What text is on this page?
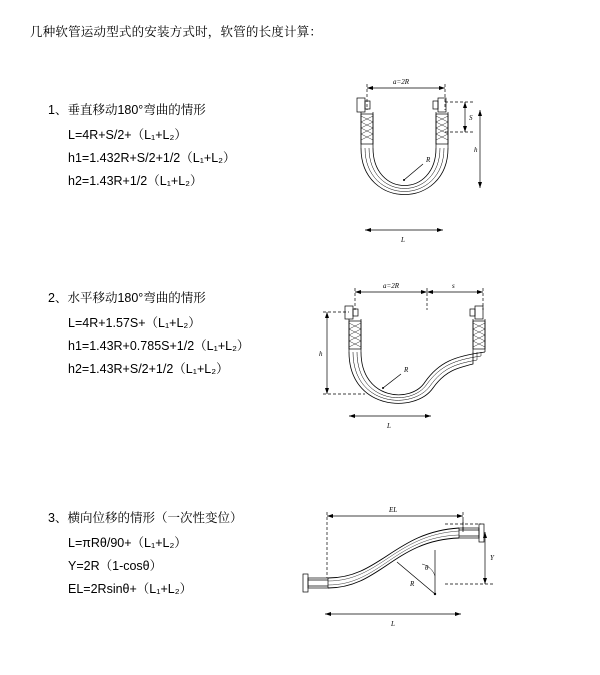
几种软管运动型式的安装方式时，软管的长度计算：
1、垂直移动180°弯曲的情形
L=4R+S/2+（L₁+L₂）
h1=1.432R+S/2+1/2（L₁+L₂）
h2=1.43R+1/2（L₁+L₂）
a=2R
S
R
h
L
2、水平移动180°弯曲的情形
L=4R+1.57S+（L₁+L₂）
h1=1.43R+0.785S+1/2（L₁+L₂）
h2=1.43R+S/2+1/2（L₁+L₂）
a=2R	s
R
h
L
3、横向位移的情形（一次性变位）
L=πRθ/90+（L₁+L₂）
Y=2R（1-cosθ）
EL=2Rsinθ+（L₁+L₂）
EL
Y
θ
R
L
